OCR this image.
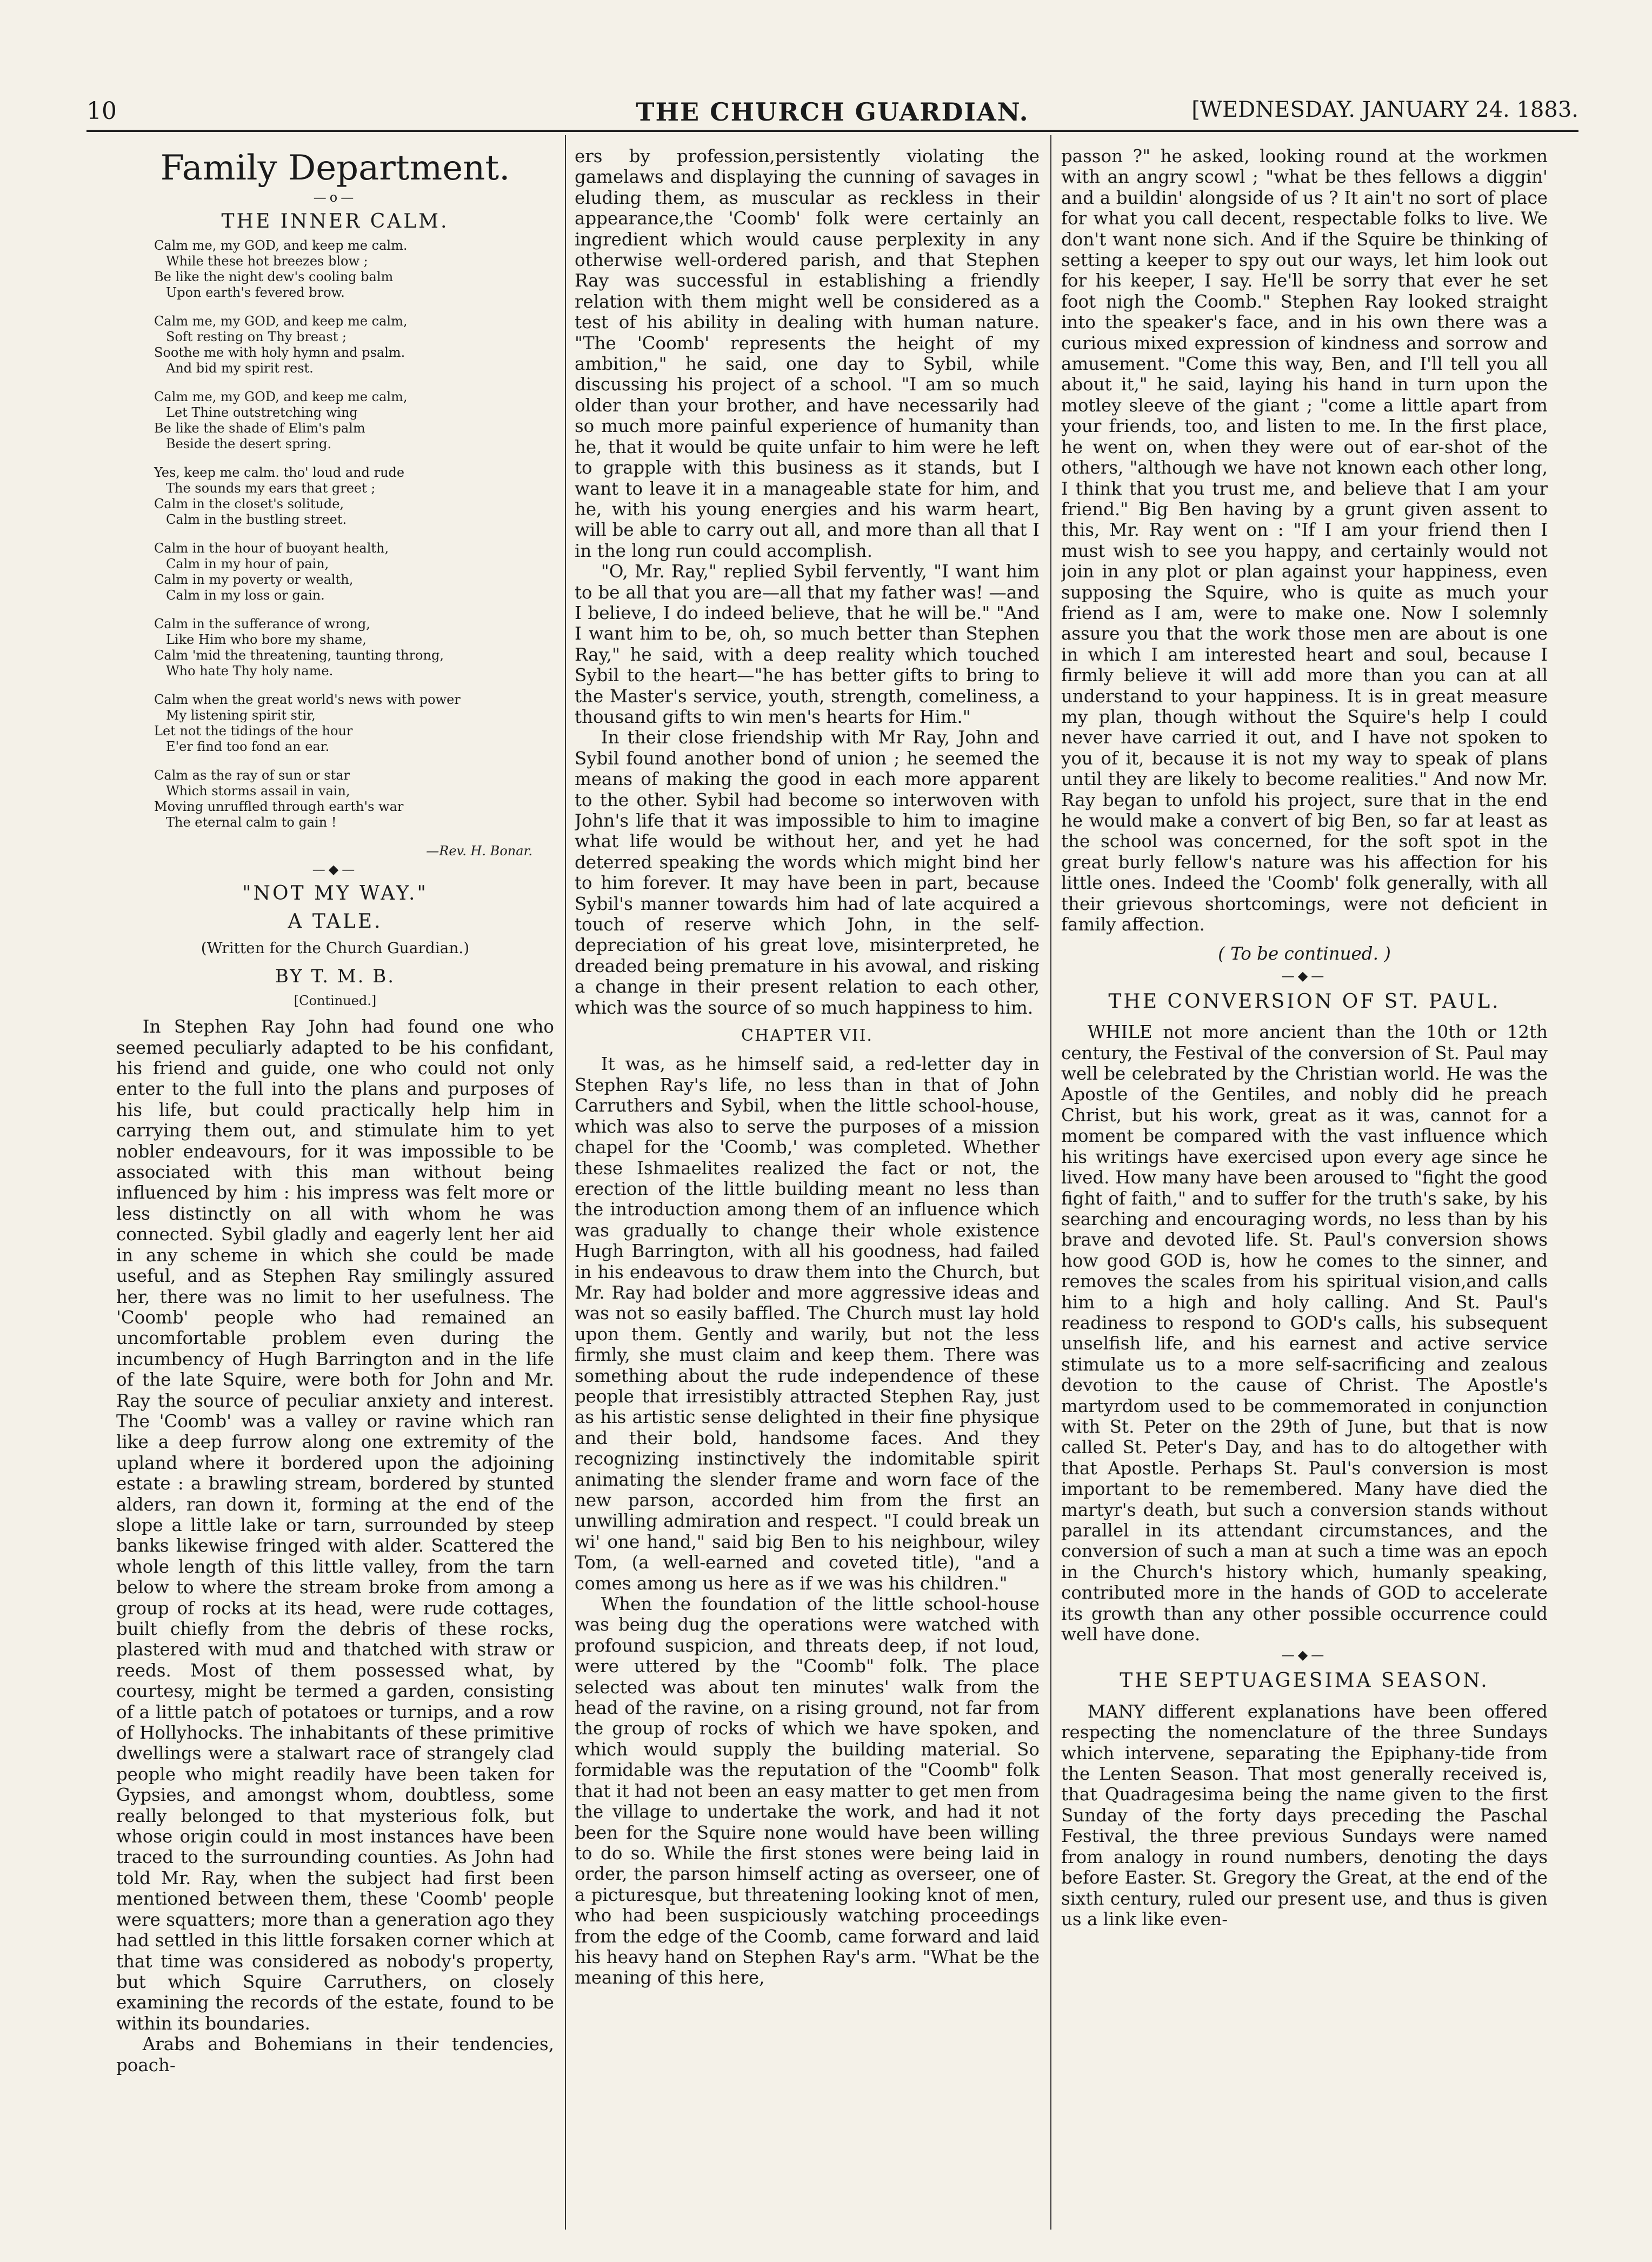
10	THE CHURCH GUARDIAN.	[WEDNESDAY. JANUARY 24. 1883.
Family Department.
—o—
THE INNER CALM.
Calm me, my GOD, and keep me calm.
While these hot breezes blow ;
Be like the night dew's cooling balm
Upon earth's fevered brow.
Calm me, my GOD, and keep me calm,
Soft resting on Thy breast ;
Soothe me with holy hymn and psalm.
And bid my spirit rest.
Calm me, my GOD, and keep me calm,
Let Thine outstretching wing
Be like the shade of Elim's palm
Beside the desert spring.
Yes, keep me calm. tho' loud and rude
The sounds my ears that greet ;
Calm in the closet's solitude,
Calm in the bustling street.
Calm in the hour of buoyant health,
Calm in my hour of pain,
Calm in my poverty or wealth,
Calm in my loss or gain.
Calm in the sufferance of wrong,
Like Him who bore my shame,
Calm 'mid the threatening, taunting throng,
Who hate Thy holy name.
Calm when the great world's news with power
My listening spirit stir,
Let not the tidings of the hour
E'er find too fond an ear.
Calm as the ray of sun or star
Which storms assail in vain,
Moving unruffled through earth's war
The eternal calm to gain !
—Rev. H. Bonar.
—◆—
"NOT MY WAY."
A TALE.
(Written for the Church Guardian.)
BY T. M. B.
[Continued.]

In Stephen Ray John had found one who seemed peculiarly adapted to be his confidant, his friend and guide, one who could not only enter to the full into the plans and purposes of his life, but could practically help him in carrying them out, and stimulate him to yet nobler endeavours, for it was impossible to be associated with this man without being influenced by him : his impress was felt more or less distinctly on all with whom he was connected. Sybil gladly and eagerly lent her aid in any scheme in which she could be made useful, and as Stephen Ray smilingly assured her, there was no limit to her usefulness. The 'Coomb' people who had remained an uncomfortable problem even during the incumbency of Hugh Barrington and in the life of the late Squire, were both for John and Mr. Ray the source of peculiar anxiety and interest. The 'Coomb' was a valley or ravine which ran like a deep furrow along one extremity of the upland where it bordered upon the adjoining estate : a brawling stream, bordered by stunted alders, ran down it, forming at the end of the slope a little lake or tarn, surrounded by steep banks likewise fringed with alder. Scattered the whole length of this little valley, from the tarn below to where the stream broke from among a group of rocks at its head, were rude cottages, built chiefly from the debris of these rocks, plastered with mud and thatched with straw or reeds. Most of them possessed what, by courtesy, might be termed a garden, consisting of a little patch of potatoes or turnips, and a row of Hollyhocks. The inhabitants of these primitive dwellings were a stalwart race of strangely clad people who might readily have been taken for Gypsies, and amongst whom, doubtless, some really belonged to that mysterious folk, but whose origin could in most instances have been traced to the surrounding counties. As John had told Mr. Ray, when the subject had first been mentioned between them, these 'Coomb' people were squatters; more than a generation ago they had settled in this little forsaken corner which at that time was considered as nobody's property, but which Squire Carruthers, on closely examining the records of the estate, found to be within its boundaries.

Arabs and Bohemians in their tendencies, poach-

ers by profession,persistently violating the gamelaws and displaying the cunning of savages in eluding them, as muscular as reckless in their appearance,the 'Coomb' folk were certainly an ingredient which would cause perplexity in any otherwise well-ordered parish, and that Stephen Ray was successful in establishing a friendly relation with them might well be considered as a test of his ability in dealing with human nature. "The 'Coomb' represents the height of my ambition," he said, one day to Sybil, while discussing his project of a school. "I am so much older than your brother, and have necessarily had so much more painful experience of humanity than he, that it would be quite unfair to him were he left to grapple with this business as it stands, but I want to leave it in a manageable state for him, and he, with his young energies and his warm heart, will be able to carry out all, and more than all that I in the long run could accomplish.

"O, Mr. Ray," replied Sybil fervently, "I want him to be all that you are—all that my father was! —and I believe, I do indeed believe, that he will be." "And I want him to be, oh, so much better than Stephen Ray," he said, with a deep reality which touched Sybil to the heart—"he has better gifts to bring to the Master's service, youth, strength, comeliness, a thousand gifts to win men's hearts for Him."

In their close friendship with Mr Ray, John and Sybil found another bond of union ; he seemed the means of making the good in each more apparent to the other. Sybil had become so interwoven with John's life that it was impossible to him to imagine what life would be without her, and yet he had deterred speaking the words which might bind her to him forever. It may have been in part, because Sybil's manner towards him had of late acquired a touch of reserve which John, in the self-depreciation of his great love, misinterpreted, he dreaded being premature in his avowal, and risking a change in their present relation to each other, which was the source of so much happiness to him.

CHAPTER VII.

It was, as he himself said, a red-letter day in Stephen Ray's life, no less than in that of John Carruthers and Sybil, when the little school-house, which was also to serve the purposes of a mission chapel for the 'Coomb,' was completed. Whether these Ishmaelites realized the fact or not, the erection of the little building meant no less than the introduction among them of an influence which was gradually to change their whole existence Hugh Barrington, with all his goodness, had failed in his endeavous to draw them into the Church, but Mr. Ray had bolder and more aggressive ideas and was not so easily baffled. The Church must lay hold upon them. Gently and warily, but not the less firmly, she must claim and keep them. There was something about the rude independence of these people that irresistibly attracted Stephen Ray, just as his artistic sense delighted in their fine physique and their bold, handsome faces. And they recognizing instinctively the indomitable spirit animating the slender frame and worn face of the new parson, accorded him from the first an unwilling admiration and respect. "I could break un wi' one hand," said big Ben to his neighbour, wiley Tom, (a well-earned and coveted title), "and a comes among us here as if we was his children."

When the foundation of the little school-house was being dug the operations were watched with profound suspicion, and threats deep, if not loud, were uttered by the "Coomb" folk. The place selected was about ten minutes' walk from the head of the ravine, on a rising ground, not far from the group of rocks of which we have spoken, and which would supply the building material. So formidable was the reputation of the "Coomb" folk that it had not been an easy matter to get men from the village to undertake the work, and had it not been for the Squire none would have been willing to do so. While the first stones were being laid in order, the parson himself acting as overseer, one of a picturesque, but threatening looking knot of men, who had been suspiciously watching proceedings from the edge of the Coomb, came forward and laid his heavy hand on Stephen Ray's arm. "What be the meaning of this here,

passon ?" he asked, looking round at the workmen with an angry scowl ; "what be thes fellows a diggin' and a buildin' alongside of us ? It ain't no sort of place for what you call decent, respectable folks to live. We don't want none sich. And if the Squire be thinking of setting a keeper to spy out our ways, let him look out for his keeper, I say. He'll be sorry that ever he set foot nigh the Coomb." Stephen Ray looked straight into the speaker's face, and in his own there was a curious mixed expression of kindness and sorrow and amusement. "Come this way, Ben, and I'll tell you all about it," he said, laying his hand in turn upon the motley sleeve of the giant ; "come a little apart from your friends, too, and listen to me. In the first place, he went on, when they were out of ear-shot of the others, "although we have not known each other long, I think that you trust me, and believe that I am your friend." Big Ben having by a grunt given assent to this, Mr. Ray went on : "If I am your friend then I must wish to see you happy, and certainly would not join in any plot or plan against your happiness, even supposing the Squire, who is quite as much your friend as I am, were to make one. Now I solemnly assure you that the work those men are about is one in which I am interested heart and soul, because I firmly believe it will add more than you can at all understand to your happiness. It is in great measure my plan, though without the Squire's help I could never have carried it out, and I have not spoken to you of it, because it is not my way to speak of plans until they are likely to become realities." And now Mr. Ray began to unfold his project, sure that in the end he would make a convert of big Ben, so far at least as the school was concerned, for the soft spot in the great burly fellow's nature was his affection for his little ones. Indeed the 'Coomb' folk generally, with all their grievous shortcomings, were not deficient in family affection.

( To be continued. )
—◆—
THE CONVERSION OF ST. PAUL.

WHILE not more ancient than the 10th or 12th century, the Festival of the conversion of St. Paul may well be celebrated by the Christian world. He was the Apostle of the Gentiles, and nobly did he preach Christ, but his work, great as it was, cannot for a moment be compared with the vast influence which his writings have exercised upon every age since he lived. How many have been aroused to "fight the good fight of faith," and to suffer for the truth's sake, by his searching and encouraging words, no less than by his brave and devoted life. St. Paul's conversion shows how good GOD is, how he comes to the sinner, and removes the scales from his spiritual vision,and calls him to a high and holy calling. And St. Paul's readiness to respond to GOD's calls, his subsequent unselfish life, and his earnest and active service stimulate us to a more self-sacrificing and zealous devotion to the cause of Christ. The Apostle's martyrdom used to be commemorated in conjunction with St. Peter on the 29th of June, but that is now called St. Peter's Day, and has to do altogether with that Apostle. Perhaps St. Paul's conversion is most important to be remembered. Many have died the martyr's death, but such a conversion stands without parallel in its attendant circumstances, and the conversion of such a man at such a time was an epoch in the Church's history which, humanly speaking, contributed more in the hands of GOD to accelerate its growth than any other possible occurrence could well have done.

—◆—
THE SEPTUAGESIMA SEASON.

MANY different explanations have been offered respecting the nomenclature of the three Sundays which intervene, separating the Epiphany-tide from the Lenten Season. That most generally received is, that Quadragesima being the name given to the first Sunday of the forty days preceding the Paschal Festival, the three previous Sundays were named from analogy in round numbers, denoting the days before Easter. St. Gregory the Great, at the end of the sixth century, ruled our present use, and thus is given us a link like even-
